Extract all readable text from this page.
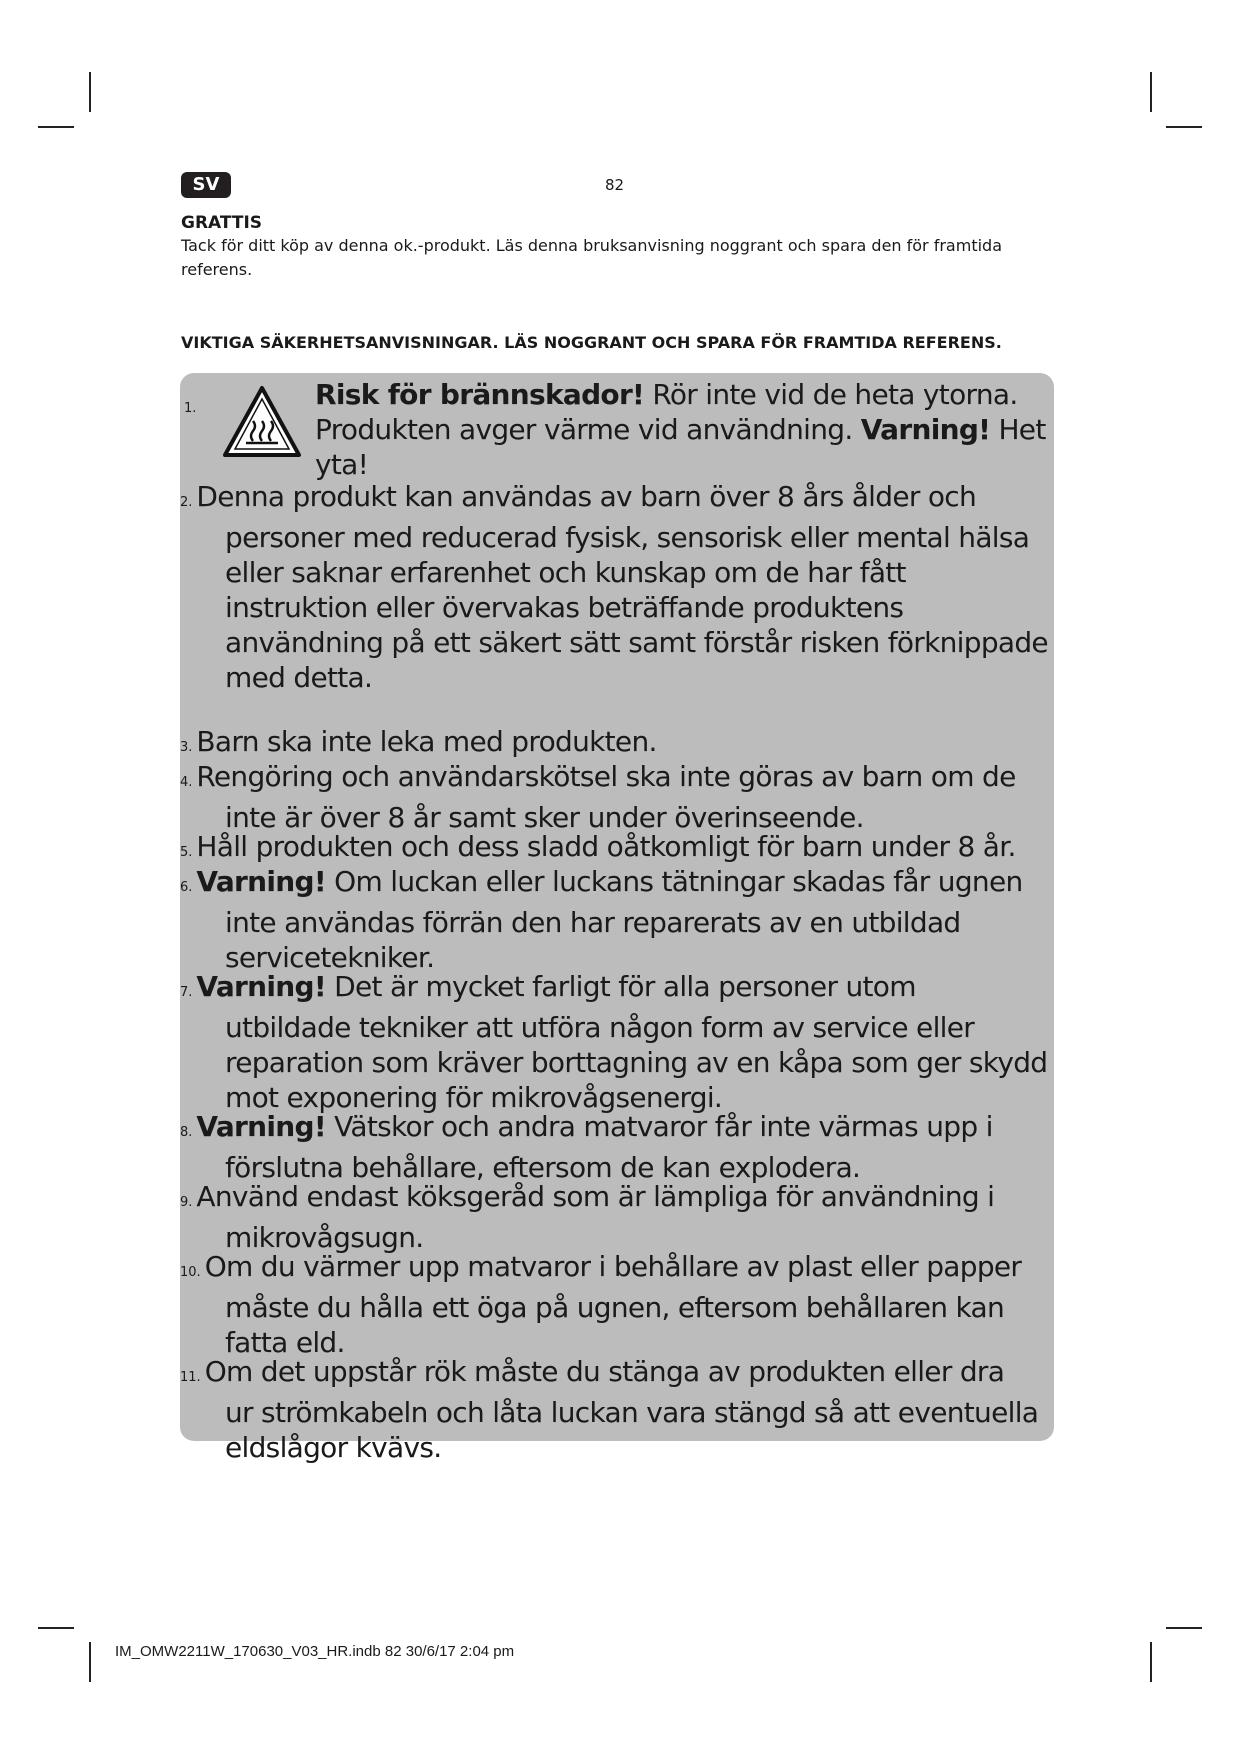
SV	82
GRATTIS
Tack för ditt köp av denna ok.-produkt. Läs denna bruksanvisning noggrant och spara den för framtida referens.
VIKTIGA SÄKERHETSANVISNINGAR. LÄS NOGGRANT OCH SPARA FÖR FRAMTIDA REFERENS.
1.	Risk för brännskador! Rör inte vid de heta ytorna.
Produkten avger värme vid användning. Varning! Het yta!
2. Denna produkt kan användas av barn över 8 års ålder och
personer med reducerad fysisk, sensorisk eller mental hälsa eller saknar erfarenhet och kunskap om de har fått instruktion eller övervakas beträffande produktens användning på ett säkert sätt samt förstår risken förknippade med detta.
3. Barn ska inte leka med produkten.
4. Rengöring och användarskötsel ska inte göras av barn om de
inte är över 8 år samt sker under överinseende.
5. Håll produkten och dess sladd oåtkomligt för barn under 8 år.
6. Varning! Om luckan eller luckans tätningar skadas får ugnen
inte användas förrän den har reparerats av en utbildad servicetekniker.
7. Varning! Det är mycket farligt för alla personer utom
utbildade tekniker att utföra någon form av service eller reparation som kräver borttagning av en kåpa som ger skydd mot exponering för mikrovågsenergi.
8. Varning! Vätskor och andra matvaror får inte värmas upp i
förslutna behållare, eftersom de kan explodera.
9. Använd endast köksgeråd som är lämpliga för användning i
mikrovågsugn.
10. Om du värmer upp matvaror i behållare av plast eller papper
måste du hålla ett öga på ugnen, eftersom behållaren kan fatta eld.
11. Om det uppstår rök måste du stänga av produkten eller dra
ur strömkabeln och låta luckan vara stängd så att eventuella eldslågor kvävs.
IM_OMW2211W_170630_V03_HR.indb 82 30/6/17 2:04 pm
